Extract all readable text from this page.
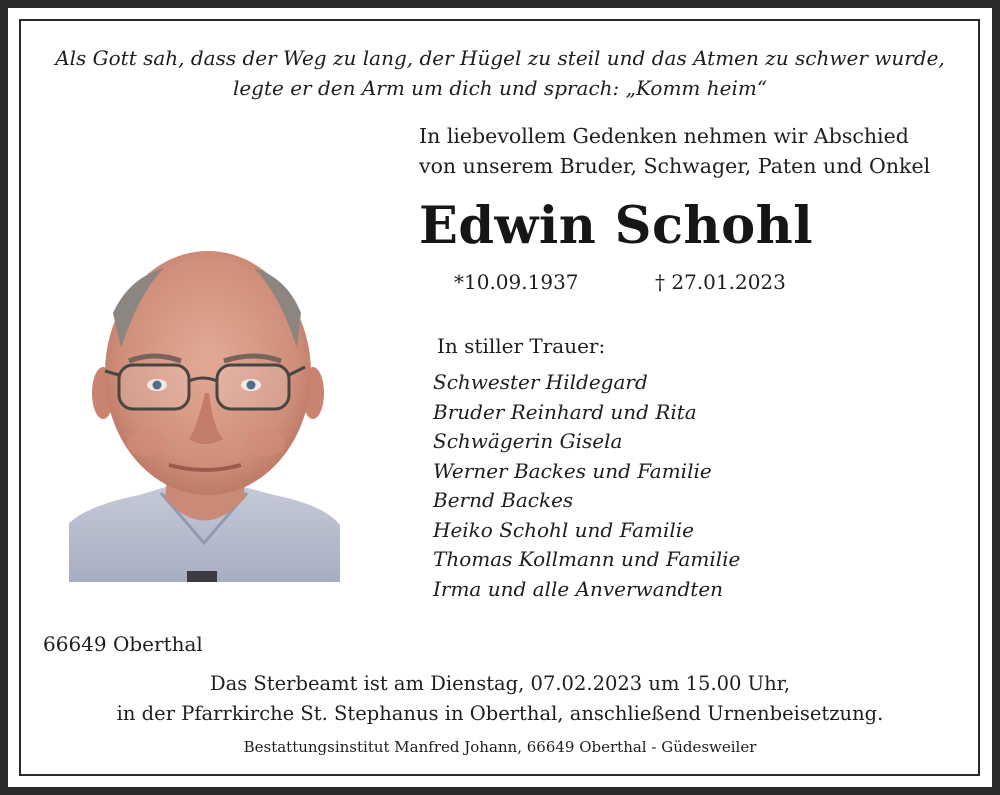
Als Gott sah, dass der Weg zu lang, der Hügel zu steil und das Atmen zu schwer wurde,
legte er den Arm um dich und sprach: „Komm heim“
In liebevollem Gedenken nehmen wir Abschied
von unserem Bruder, Schwager, Paten und Onkel
Edwin Schohl
*10.09.1937	† 27.01.2023
In stiller Trauer:
Schwester Hildegard
Bruder Reinhard und Rita
Schwägerin Gisela
Werner Backes und Familie
Bernd Backes
Heiko Schohl und Familie
Thomas Kollmann und Familie
Irma und alle Anverwandten
66649 Oberthal
Das Sterbeamt ist am Dienstag, 07.02.2023 um 15.00 Uhr,
in der Pfarrkirche St. Stephanus in Oberthal, anschließend Urnenbeisetzung.
Bestattungsinstitut Manfred Johann, 66649 Oberthal - Güdesweiler
